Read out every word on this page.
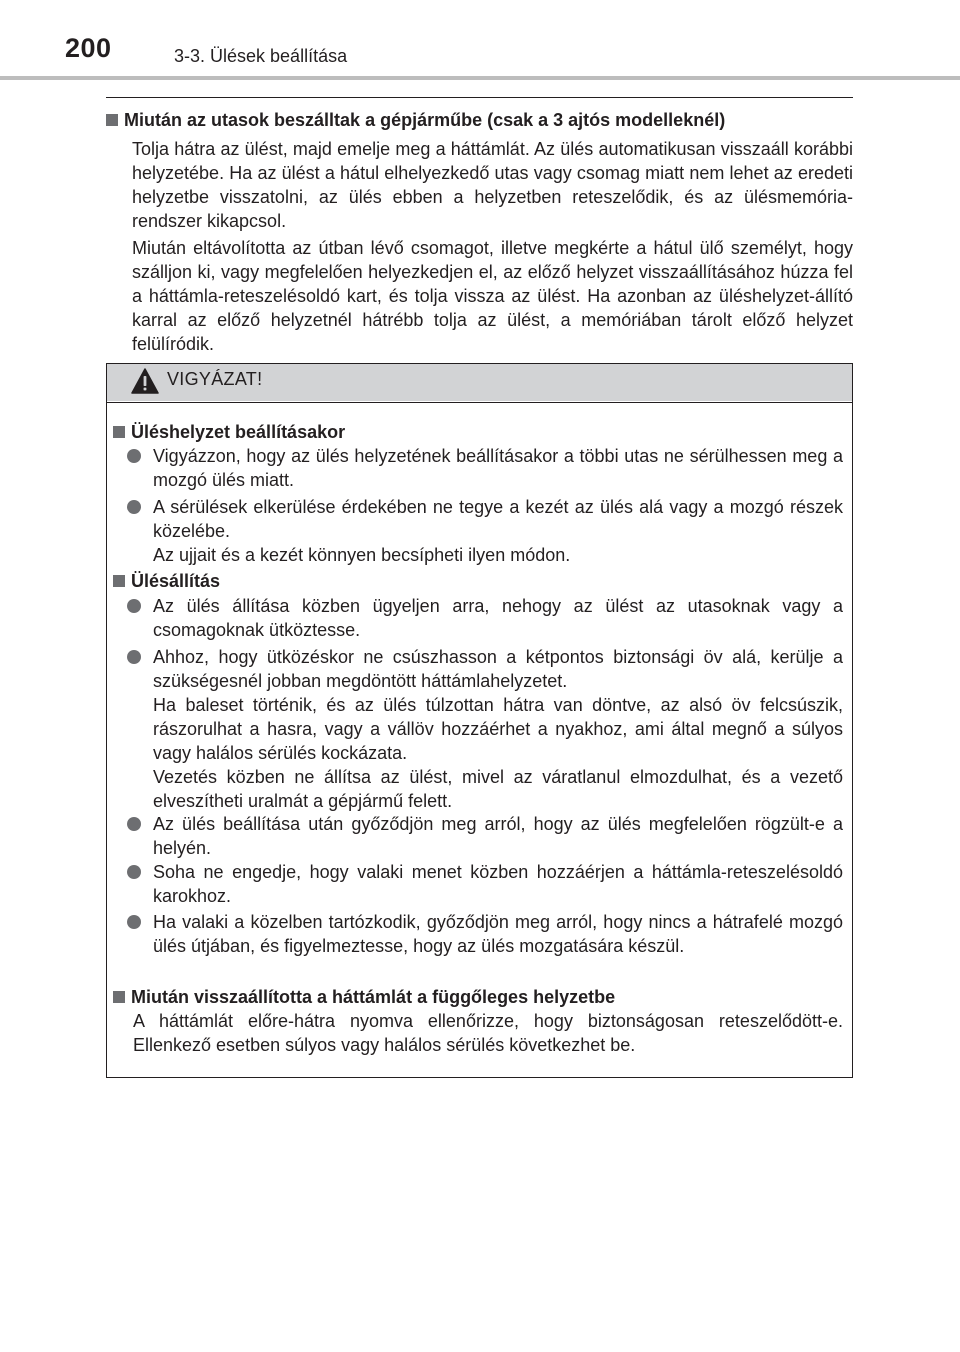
200	3-3. Ülések beállítása
Miután az utasok beszálltak a gépjárműbe (csak a 3 ajtós modelleknél)
Tolja hátra az ülést, majd emelje meg a háttámlát. Az ülés automatikusan visszaáll korábbi helyzetébe. Ha az ülést a hátul elhelyezkedő utas vagy csomag miatt nem lehet az eredeti helyzetbe visszatolni, az ülés ebben a helyzetben reteszelődik, és az ülésmemória-rendszer kikapcsol.
Miután eltávolította az útban lévő csomagot, illetve megkérte a hátul ülő személyt, hogy szálljon ki, vagy megfelelően helyezkedjen el, az előző helyzet visszaállításához húzza fel a háttámla-reteszelésoldó kart, és tolja vissza az ülést. Ha azonban az üléshelyzet-állító karral az előző helyzetnél hátrébb tolja az ülést, a memóriában tárolt előző helyzet felülíródik.
VIGYÁZAT!
Üléshelyzet beállításakor
Vigyázzon, hogy az ülés helyzetének beállításakor a többi utas ne sérülhessen meg a mozgó ülés miatt.
A sérülések elkerülése érdekében ne tegye a kezét az ülés alá vagy a mozgó részek közelébe.
Az ujjait és a kezét könnyen becsípheti ilyen módon.
Ülésállítás
Az ülés állítása közben ügyeljen arra, nehogy az ülést az utasoknak vagy a csomagoknak ütköztesse.
Ahhoz, hogy ütközéskor ne csúszhasson a kétpontos biztonsági öv alá, kerülje a szükségesnél jobban megdöntött háttámlahelyzetet.
Ha baleset történik, és az ülés túlzottan hátra van döntve, az alsó öv felcsúszik, rászorulhat a hasra, vagy a vállöv hozzáérhet a nyakhoz, ami által megnő a súlyos vagy halálos sérülés kockázata.
Vezetés közben ne állítsa az ülést, mivel az váratlanul elmozdulhat, és a vezető elveszítheti uralmát a gépjármű felett.
Az ülés beállítása után győződjön meg arról, hogy az ülés megfelelően rögzült-e a helyén.
Soha ne engedje, hogy valaki menet közben hozzáérjen a háttámla-reteszelésoldó karokhoz.
Ha valaki a közelben tartózkodik, győződjön meg arról, hogy nincs a hátrafelé mozgó ülés útjában, és figyelmeztesse, hogy az ülés mozgatására készül.
Miután visszaállította a háttámlát a függőleges helyzetbe
A háttámlát előre-hátra nyomva ellenőrizze, hogy biztonságosan reteszelődött-e. Ellenkező esetben súlyos vagy halálos sérülés következhet be.
